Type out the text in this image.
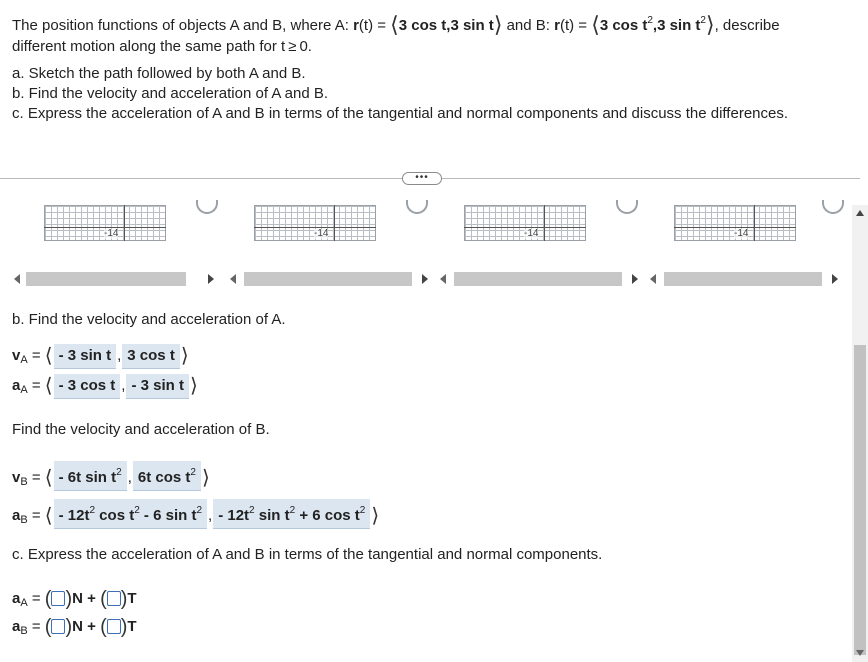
The position functions of objects A and B, where A: r(t) = ⟨3 cos t,3 sin t⟩ and B: r(t) = ⟨3 $\cos t^2,3$ $\sin t^2⟩$, describe
different motion along the same path for t ≥ 0.
a. Sketch the path followed by both A and B.
b. Find the velocity and acceleration of A and B.
c. Express the acceleration of A and B in terms of the tangential and normal components and discuss the differences.
•••
-14	-14	-14	-14
b. Find the velocity and acceleration of A.
$v_A$ = ⟨- 3 sin t , 3 cos t ⟩
$a_A$ = ⟨- 3 cos t ,- 3 sin t ⟩
Find the velocity and acceleration of B.
$v_B$ = ⟨- 6t $\sin t^2$ , 6t $\cos t^2$ ⟩
$a_B$ = ⟨- $12t^2$ $\cos t^2 - 6$ $\sin t^2$ ,- $12t^2$ $\sin t^2 + 6$ $\cos t^2$ ⟩
c. Express the acceleration of A and B in terms of the tangential and normal components.
$a_A$ = ( )N + ( )T
$a_B$ = ( )N + ( )T
